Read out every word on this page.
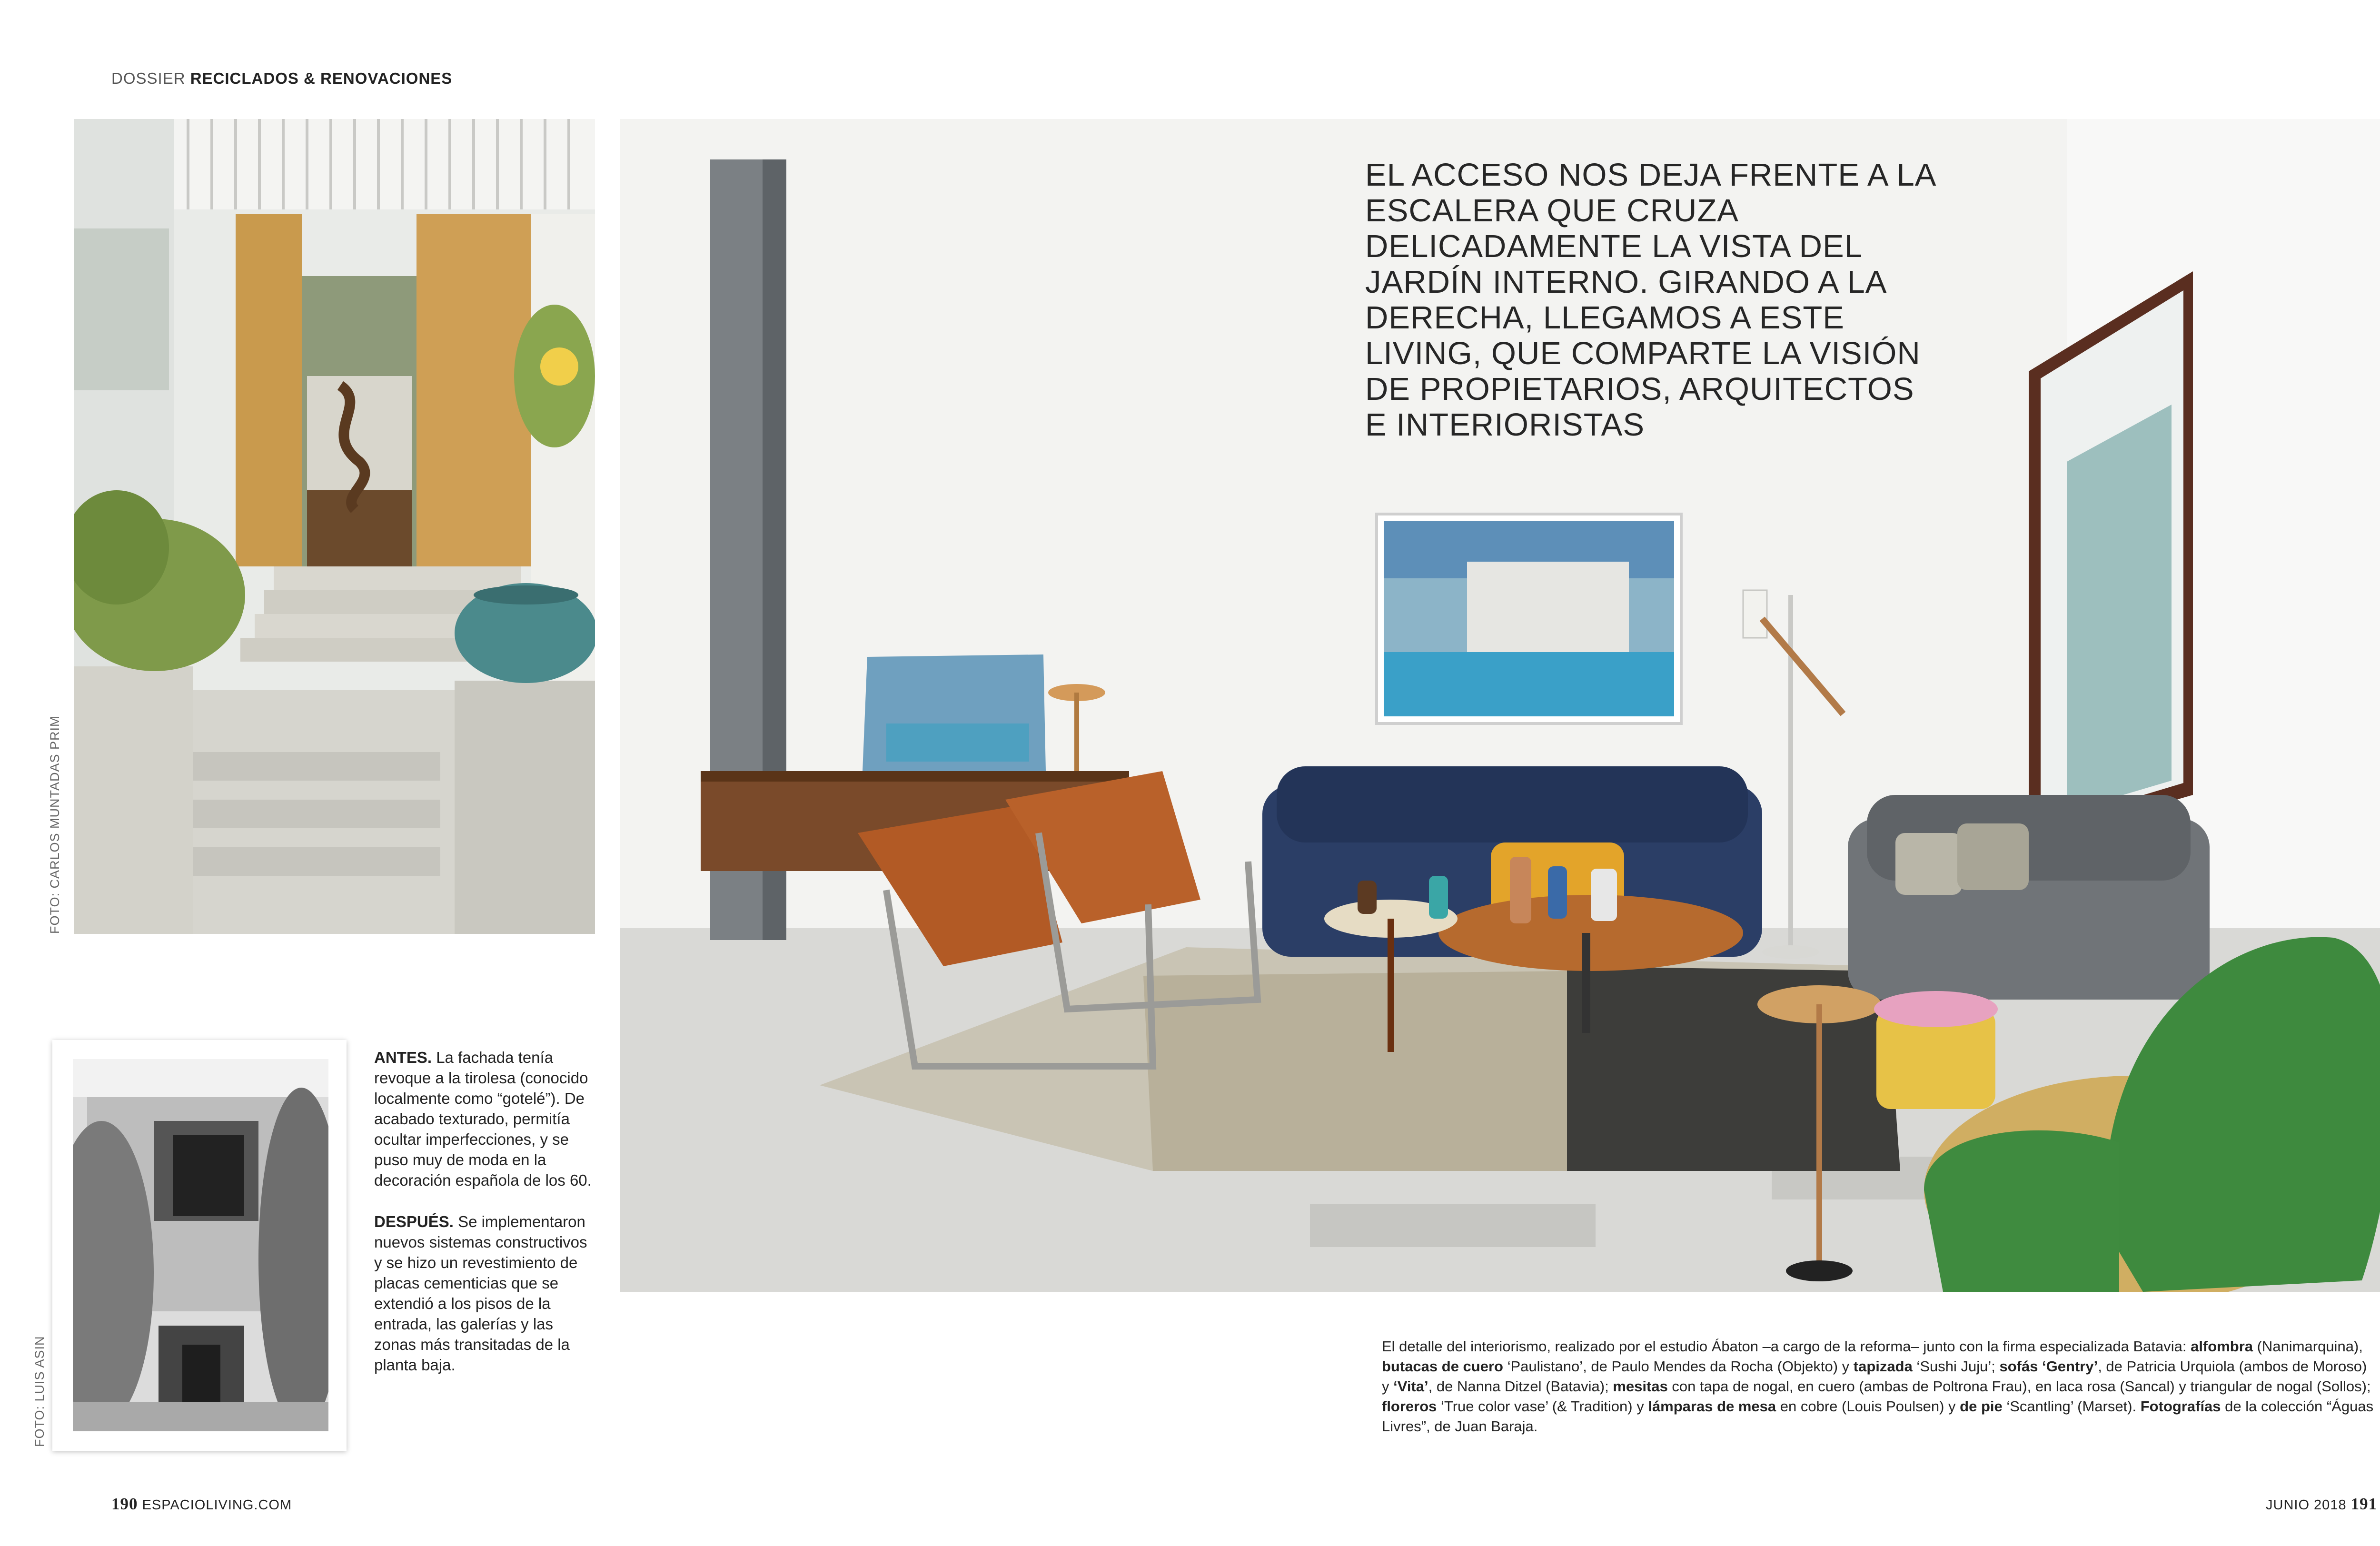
DOSSIER RECICLADOS & RENOVACIONES
FOTO: CARLOS MUNTADAS PRIM
EL ACCESO NOS DEJA FRENTE A LA ESCALERA QUE CRUZA DELICADAMENTE LA VISTA DEL JARDÍN INTERNO. GIRANDO A LA DERECHA, LLEGAMOS A ESTE LIVING, QUE COMPARTE LA VISIÓN DE PROPIETARIOS, ARQUITECTOS E INTERIORISTAS
FOTO: LUIS ASIN

ANTES. La fachada tenía revoque a la tirolesa (conocido localmente como “gotelé”). De acabado texturado, permitía ocultar imperfecciones, y se puso muy de moda en la decoración española de los 60.

DESPUÉS. Se implementaron nuevos sistemas constructivos y se hizo un revestimiento de placas cementicias que se extendió a los pisos de la entrada, las galerías y las zonas más transitadas de la planta baja.

El detalle del interiorismo, realizado por el estudio Ábaton –a cargo de la reforma– junto con la firma especializada Batavia: alfombra (Nanimarquina), butacas de cuero ‘Paulistano’, de Paulo Mendes da Rocha (Objekto) y tapizada ‘Sushi Juju’; sofás ‘Gentry’, de Patricia Urquiola (ambos de Moroso) y ‘Vita’, de Nanna Ditzel (Batavia); mesitas con tapa de nogal, en cuero (ambas de Poltrona Frau), en laca rosa (Sancal) y triangular de nogal (Sollos); floreros ‘True color vase’ (& Tradition) y lámparas de mesa en cobre (Louis Poulsen) y de pie ‘Scantling’ (Marset). Fotografías de la colección “Águas Livres”, de Juan Baraja.
190 ESPACIOLIVING.COM	JUNIO 2018 191
